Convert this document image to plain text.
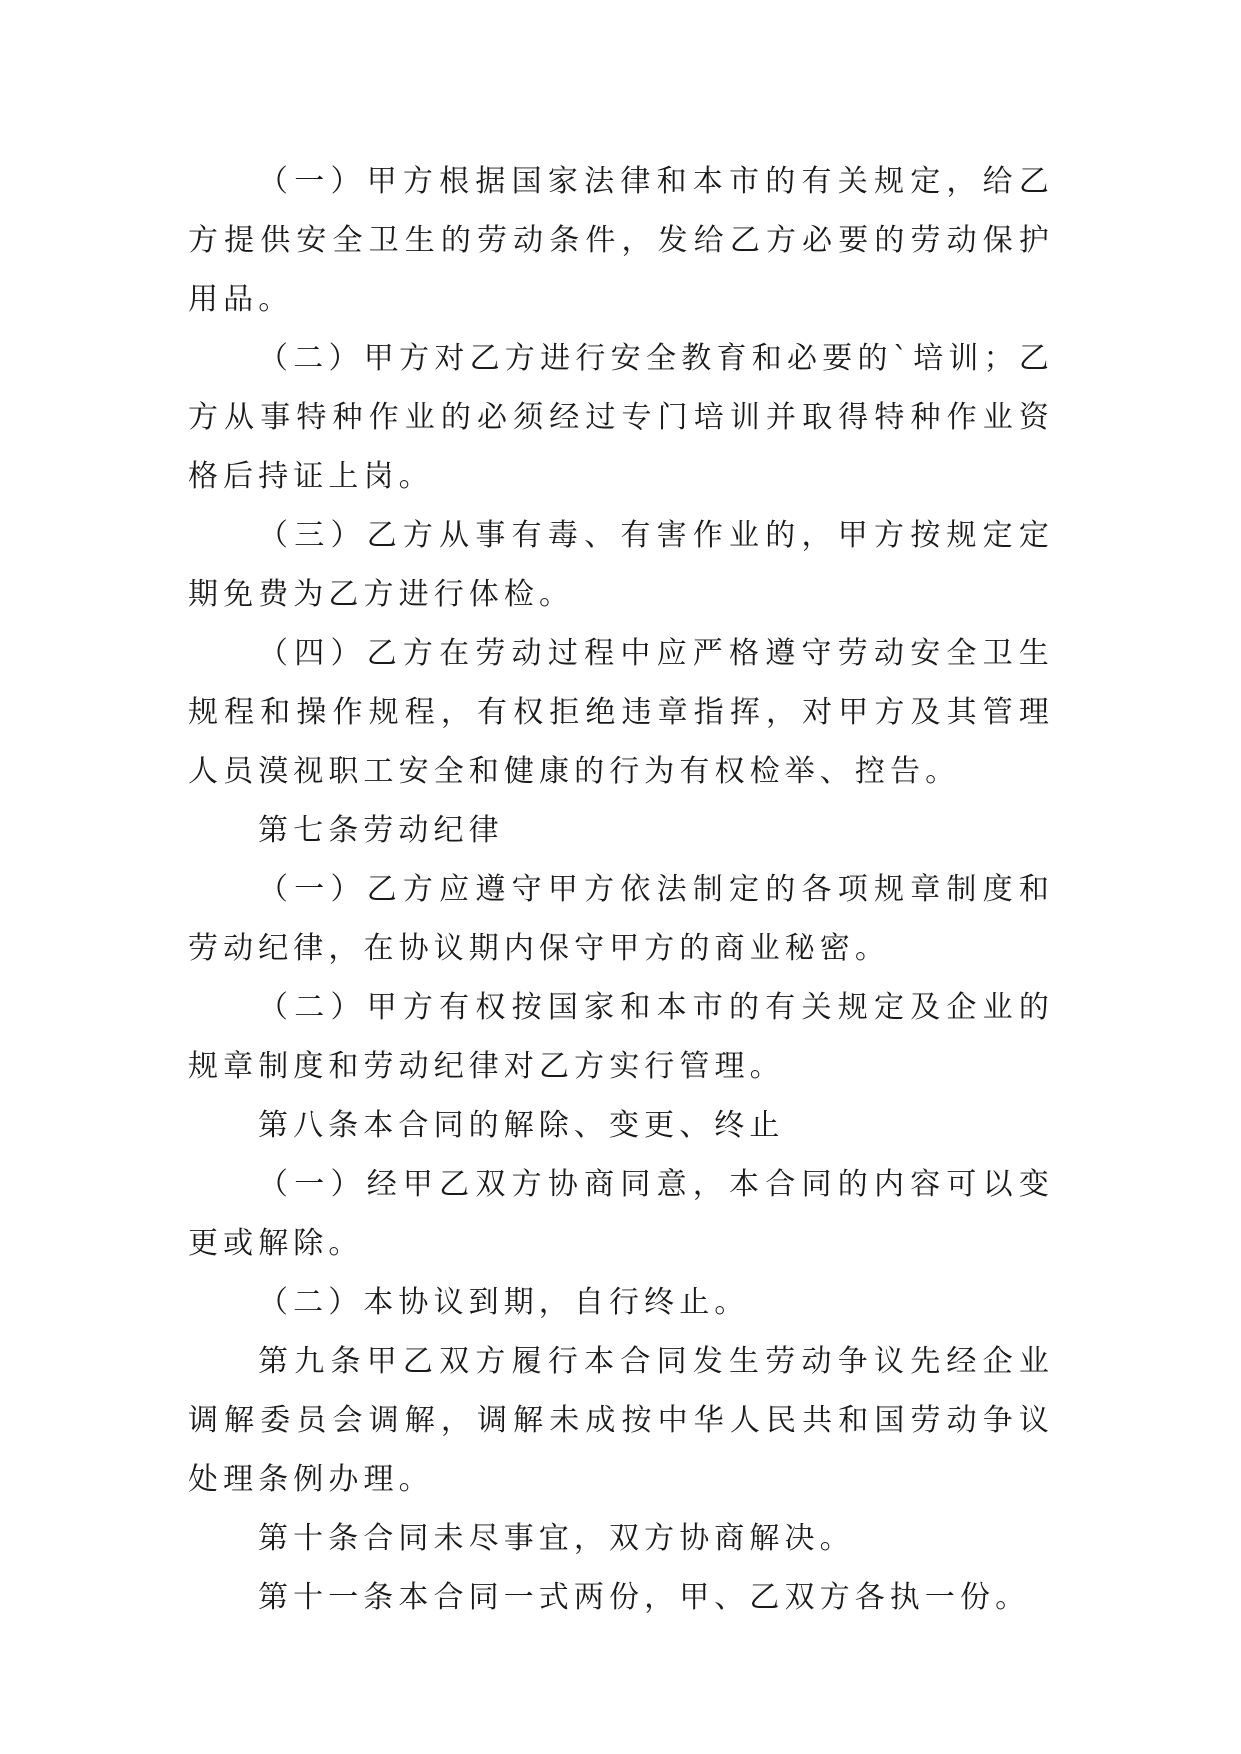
（一）甲方根据国家法律和本市的有关规定，给乙方提供安全卫生的劳动条件，发给乙方必要的劳动保护用品。

（二）甲方对乙方进行安全教育和必要的`培训；乙方从事特种作业的必须经过专门培训并取得特种作业资格后持证上岗。

（三）乙方从事有毒、有害作业的，甲方按规定定期免费为乙方进行体检。

（四）乙方在劳动过程中应严格遵守劳动安全卫生规程和操作规程，有权拒绝违章指挥，对甲方及其管理人员漠视职工安全和健康的行为有权检举、控告。

第七条劳动纪律

（一）乙方应遵守甲方依法制定的各项规章制度和劳动纪律，在协议期内保守甲方的商业秘密。

（二）甲方有权按国家和本市的有关规定及企业的规章制度和劳动纪律对乙方实行管理。

第八条本合同的解除、变更、终止

（一）经甲乙双方协商同意，本合同的内容可以变更或解除。

（二）本协议到期，自行终止。

第九条甲乙双方履行本合同发生劳动争议先经企业调解委员会调解，调解未成按中华人民共和国劳动争议处理条例办理。

第十条合同未尽事宜，双方协商解决。

第十一条本合同一式两份，甲、乙双方各执一份。
